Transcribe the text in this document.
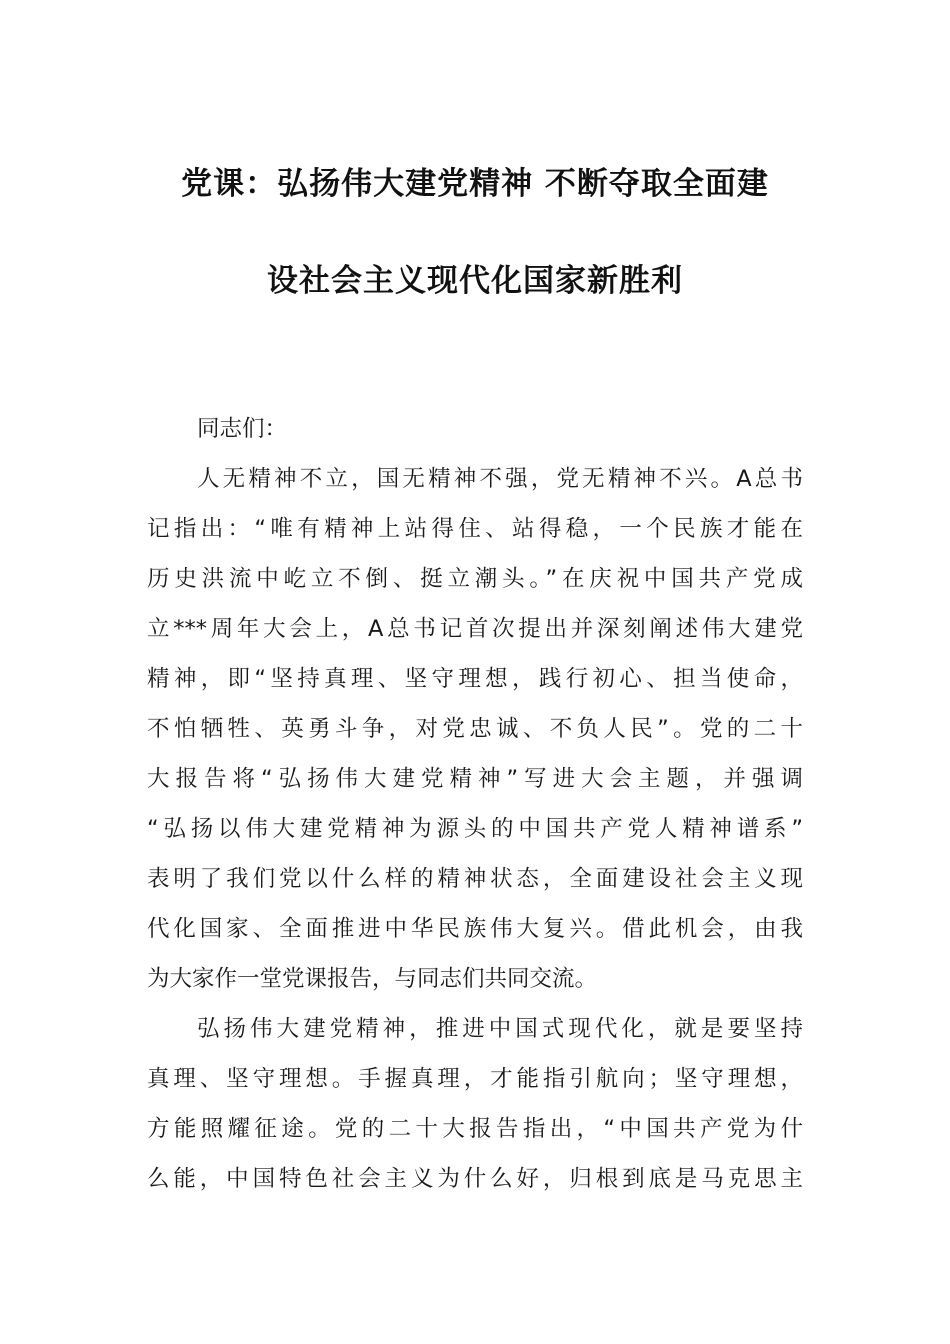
党课：弘扬伟大建党精神 不断夺取全面建
设社会主义现代化国家新胜利
同志们：
人无精神不立，国无精神不强，党无精神不兴。A总书
记指出：“唯有精神上站得住、站得稳，一个民族才能在
历史洪流中屹立不倒、挺立潮头。”在庆祝中国共产党成
立***周年大会上，A总书记首次提出并深刻阐述伟大建党
精神，即“坚持真理、坚守理想，践行初心、担当使命，
不怕牺牲、英勇斗争，对党忠诚、不负人民”。党的二十
大报告将“弘扬伟大建党精神”写进大会主题，并强调
“弘扬以伟大建党精神为源头的中国共产党人精神谱系”
表明了我们党以什么样的精神状态，全面建设社会主义现
代化国家、全面推进中华民族伟大复兴。借此机会，由我
为大家作一堂党课报告，与同志们共同交流。
弘扬伟大建党精神，推进中国式现代化，就是要坚持
真理、坚守理想。手握真理，才能指引航向；坚守理想，
方能照耀征途。党的二十大报告指出，“中国共产党为什
么能，中国特色社会主义为什么好，归根到底是马克思主
